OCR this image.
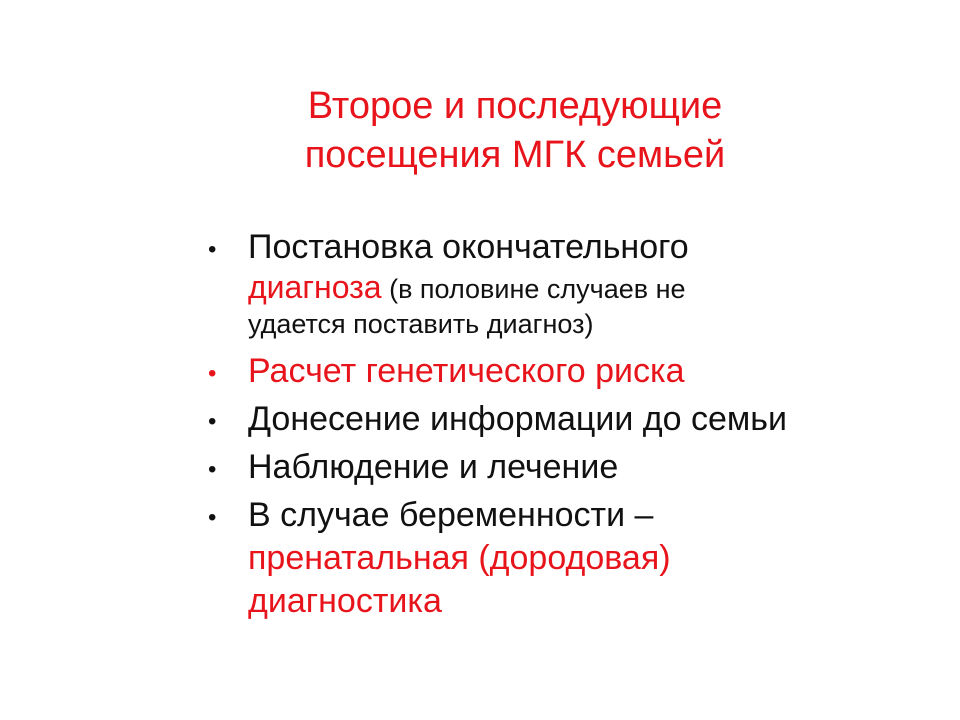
Второе и последующие
посещения МГК семьей
• Постановка окончательного
диагноза (в половине случаев не
удается поставить диагноз)
• Расчет генетического риска
• Донесение информации до семьи
• Наблюдение и лечение
• В случае беременности –
пренатальная (дородовая)
диагностика
